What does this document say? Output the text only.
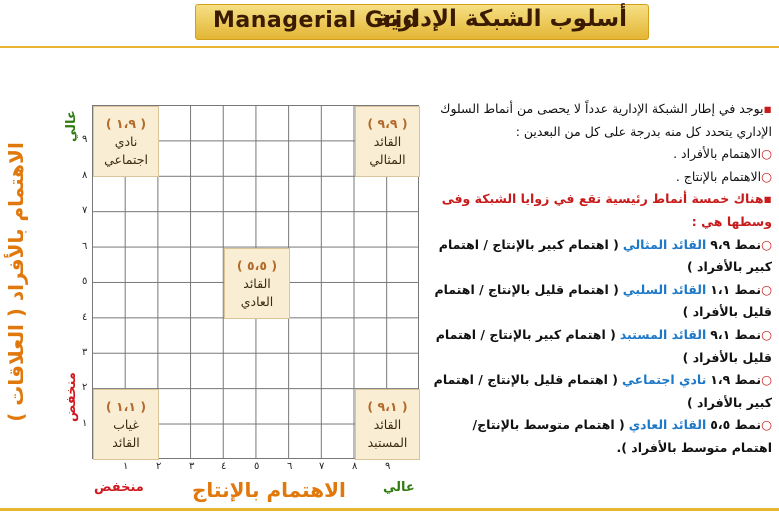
أسلوب الشبكة الإدارية
Managerial Grid
( ١،٩ )
نادي
اجتماعي
( ٩،٩ )
القائد
المثالي
( ٥،٥ )
القائد
العادي
( ١،١ )
غياب
القائد
( ٩،١ )
القائد
المستبد
٩
٨
٧
٦
٥
٤
٣
٢
١
١	٢	٣	٤	٥	٦	٧	٨	٩
الاهتمام بالأفراد ( العلاقات )
الاهتمام بالإنتاج
منخفض	عالي
عالي
منخفض

▪يوجد في إطار الشبكة الإدارية عدداً لا يحصى من أنماط السلوك الإداري يتحدد كل منه بدرجة على كل من البعدين :

○الاهتمام بالأفراد .

○الاهتمام بالإنتاج .

▪هناك خمسة أنماط رئيسية تقع في زوايا الشبكة وفى وسطها هي :

○نمط ٩،٩ القائد المثالي ( اهتمام كبير بالإنتاج / اهتمام كبير بالأفراد )

○نمط ١،١ القائد السلبي ( اهتمام قليل بالإنتاج / اهتمام قليل بالأفراد )

○نمط ٩،١ القائد المستبد ( اهتمام كبير بالإنتاج / اهتمام قليل بالأفراد )

○نمط ١،٩ نادي اجتماعي ( اهتمام قليل بالإنتاج / اهتمام كبير بالأفراد )

○نمط ٥،٥ القائد العادي ( اهتمام متوسط بالإنتاج/ اهتمام متوسط بالأفراد ).
